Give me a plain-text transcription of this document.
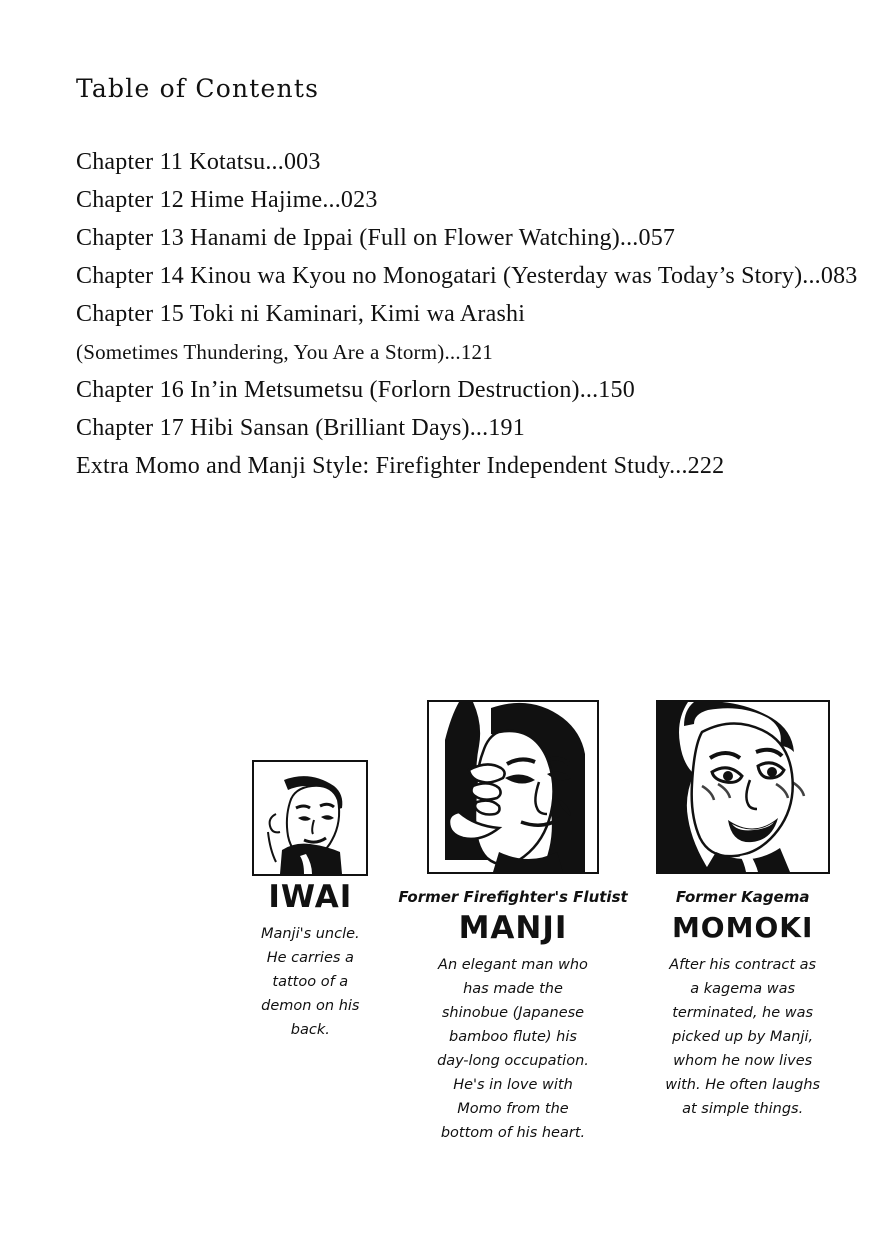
Table of Contents
Chapter 11 Kotatsu...003
Chapter 12 Hime Hajime...023
Chapter 13 Hanami de Ippai (Full on Flower Watching)...057
Chapter 14 Kinou wa Kyou no Monogatari (Yesterday was Today’s Story)...083
Chapter 15 Toki ni Kaminari, Kimi wa Arashi
(Sometimes Thundering, You Are a Storm)...121
Chapter 16 In’in Metsumetsu (Forlorn Destruction)...150
Chapter 17 Hibi Sansan (Brilliant Days)...191
Extra Momo and Manji Style: Firefighter Independent Study...222
IWAI
Manji's uncle. He carries a tattoo of a demon on his back.
Former Firefighter's Flutist
MANJI
An elegant man who has made the shinobue (Japanese bamboo flute) his day-long occupation. He's in love with Momo from the bottom of his heart.
Former Kagema
MOMOKI
After his contract as a kagema was terminated, he was picked up by Manji, whom he now lives with. He often laughs at simple things.
